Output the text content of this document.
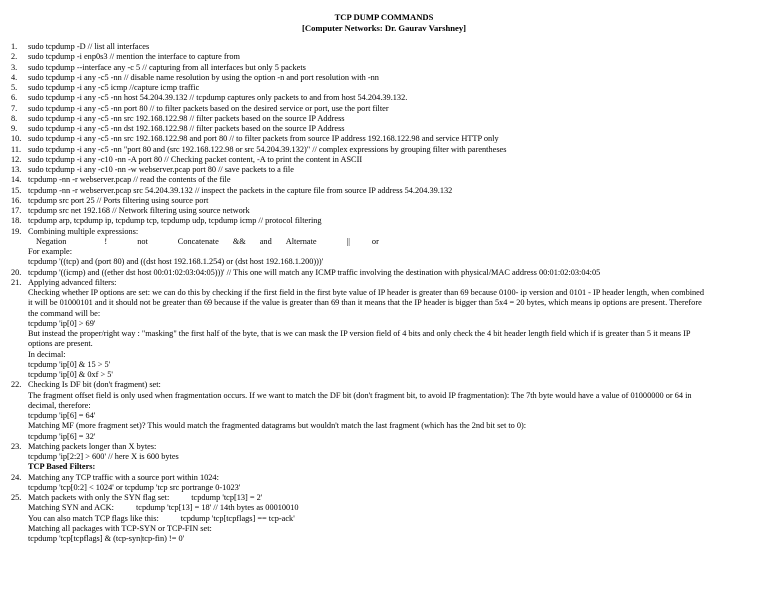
TCP DUMP COMMANDS
[Computer Networks: Dr. Gaurav Varshney]
1.	sudo tcpdump -D // list all interfaces
2.	sudo tcpdump -i enp0s3 // mention the interface to capture from
3.	sudo tcpdump --interface any -c 5 // capturing from all interfaces but only 5 packets
4.	sudo tcpdump -i any -c5 -nn // disable name resolution by using the option -n and port resolution with -nn
5.	sudo tcpdump -i any -c5 icmp //capture icmp traffic
6.	sudo tcpdump -i any -c5 -nn host 54.204.39.132 // tcpdump captures only packets to and from host 54.204.39.132.
7.	sudo tcpdump -i any -c5 -nn port 80 // to filter packets based on the desired service or port, use the port filter
8.	sudo tcpdump -i any -c5 -nn src 192.168.122.98 // filter packets based on the source IP Address
9.	sudo tcpdump -i any -c5 -nn dst 192.168.122.98 // filter packets based on the source IP Address
10. sudo tcpdump -i any -c5 -nn src 192.168.122.98 and port 80 // to filter packets from source IP address 192.168.122.98 and service HTTP only
11. sudo tcpdump -i any -c5 -nn "port 80 and (src 192.168.122.98 or src 54.204.39.132)" // complex expressions by grouping filter with parentheses
12. sudo tcpdump -i any -c10 -nn -A port 80 // Checking packet content, -A to print the content in ASCII
13. sudo tcpdump -i any -c10 -nn -w webserver.pcap port 80 // save packets to a file
14. tcpdump -nn -r webserver.pcap // read the contents of the file
15. tcpdump -nn -r webserver.pcap src 54.204.39.132 // inspect the packets in the capture file from source IP address 54.204.39.132
16. tcpdump src port 25 // Ports filtering using source port
17. tcpdump src net 192.168 // Network filtering using source network
18. tcpdump arp, tcpdump ip, tcpdump tcp, tcpdump udp, tcpdump icmp // protocol filtering
19. Combining multiple expressions:
Negation	!	not	Concatenate && and Alternate	||	or
For example:
tcpdump '((tcp) and (port 80) and ((dst host 192.168.1.254) or (dst host 192.168.1.200)))'
20. tcpdump '((icmp) and ((ether dst host 00:01:02:03:04:05)))' // This one will match any ICMP traffic involving the destination with physical/MAC address 00:01:02:03:04:05
21. Applying advanced filters:
Checking whether IP options are set: we can do this by checking if the first field in the first byte value of IP header is greater than 69 because 0100- ip version and 0101 - IP header length, when combined
it will be 01000101 and it should not be greater than 69 because if the value is greater than 69 than it means that the IP header is bigger than 5x4 = 20 bytes, which means ip options are present. Therefore
the command will be:
tcpdump 'ip[0] > 69'
But instead the proper/right way : "masking" the first half of the byte, that is we can mask the IP version field of 4 bits and only check the 4 bit header length field which if is greater than 5 it means IP
options are present.
In decimal:
tcpdump 'ip[0] & 15 > 5'
tcpdump 'ip[0] & 0xf > 5'
22. Checking Is DF bit (don't fragment) set:
The fragment offset field is only used when fragmentation occurs. If we want to match the DF bit (don't fragment bit, to avoid IP fragmentation): The 7th byte would have a value of 01000000 or 64 in
decimal, therefore:
tcpdump 'ip[6] = 64'
Matching MF (more fragment set)? This would match the fragmented datagrams but wouldn't match the last fragment (which has the 2nd bit set to 0):
tcpdump 'ip[6] = 32'
23. Matching packets longer than X bytes:
tcpdump 'ip[2:2] > 600' // here X is 600 bytes
TCP Based Filters:
24. Matching any TCP traffic with a source port within 1024:
tcpdump 'tcp[0:2] < 1024' or tcpdump 'tcp src portrange 0-1023'
25. Match packets with only the SYN flag set:	tcpdump 'tcp[13] = 2'
Matching SYN and ACK:	tcpdump 'tcp[13] = 18' // 14th bytes as 00010010
You can also match TCP flags like this:	tcpdump 'tcp[tcpflags] == tcp-ack'
Matching all packages with TCP-SYN or TCP-FIN set:
tcpdump 'tcp[tcpflags] & (tcp-syn|tcp-fin) != 0'
